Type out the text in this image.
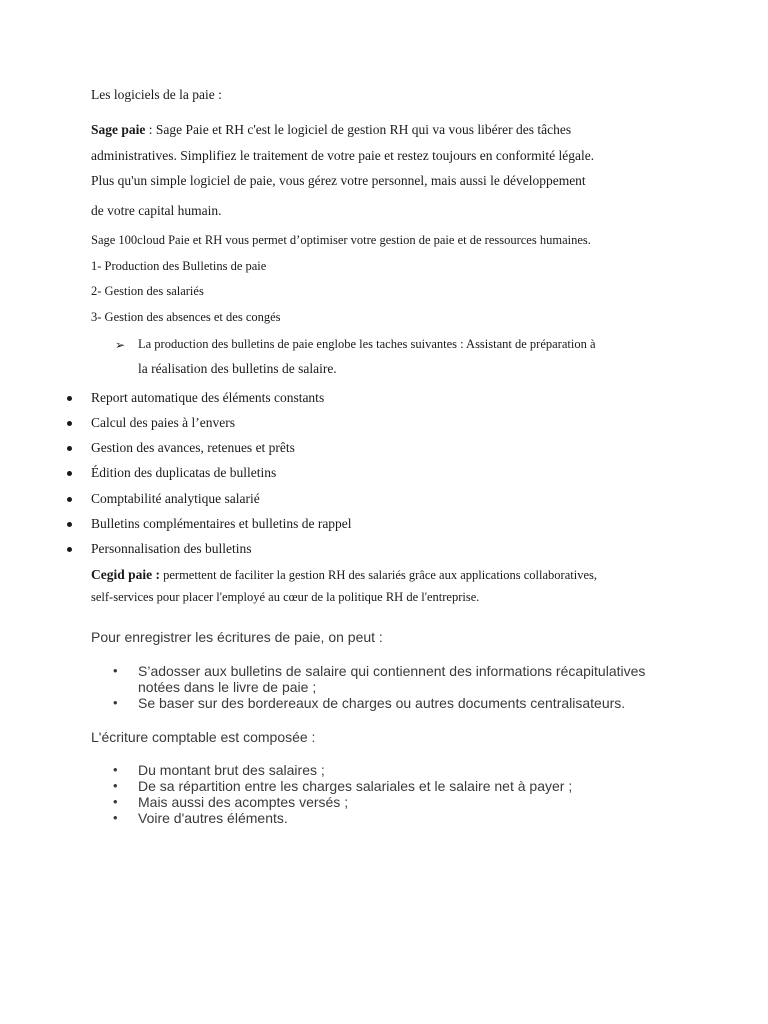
Les logiciels de la paie :
Sage paie : Sage Paie et RH c'est le logiciel de gestion RH qui va vous libérer des tâches
administratives. Simplifiez le traitement de votre paie et restez toujours en conformité légale.
Plus qu'un simple logiciel de paie, vous gérez votre personnel, mais aussi le développement
de votre capital humain.
Sage 100cloud Paie et RH vous permet d’optimiser votre gestion de paie et de ressources humaines.
1- Production des Bulletins de paie
2- Gestion des salariés
3- Gestion des absences et des congés
➢ La production des bulletins de paie englobe les taches suivantes : Assistant de préparation à
la réalisation des bulletins de salaire.
Report automatique des éléments constants
Calcul des paies à l’envers
Gestion des avances, retenues et prêts
Édition des duplicatas de bulletins
Comptabilité analytique salarié
Bulletins complémentaires et bulletins de rappel
Personnalisation des bulletins
Cegid paie : permettent de faciliter la gestion RH des salariés grâce aux applications collaboratives,
self-services pour placer l'employé au cœur de la politique RH de l'entreprise.
Pour enregistrer les écritures de paie, on peut :
• S’adosser aux bulletins de salaire qui contiennent des informations récapitulatives
notées dans le livre de paie ;
• Se baser sur des bordereaux de charges ou autres documents centralisateurs.
L'écriture comptable est composée :
• Du montant brut des salaires ;
• De sa répartition entre les charges salariales et le salaire net à payer ;
• Mais aussi des acomptes versés ;
• Voire d'autres éléments.
